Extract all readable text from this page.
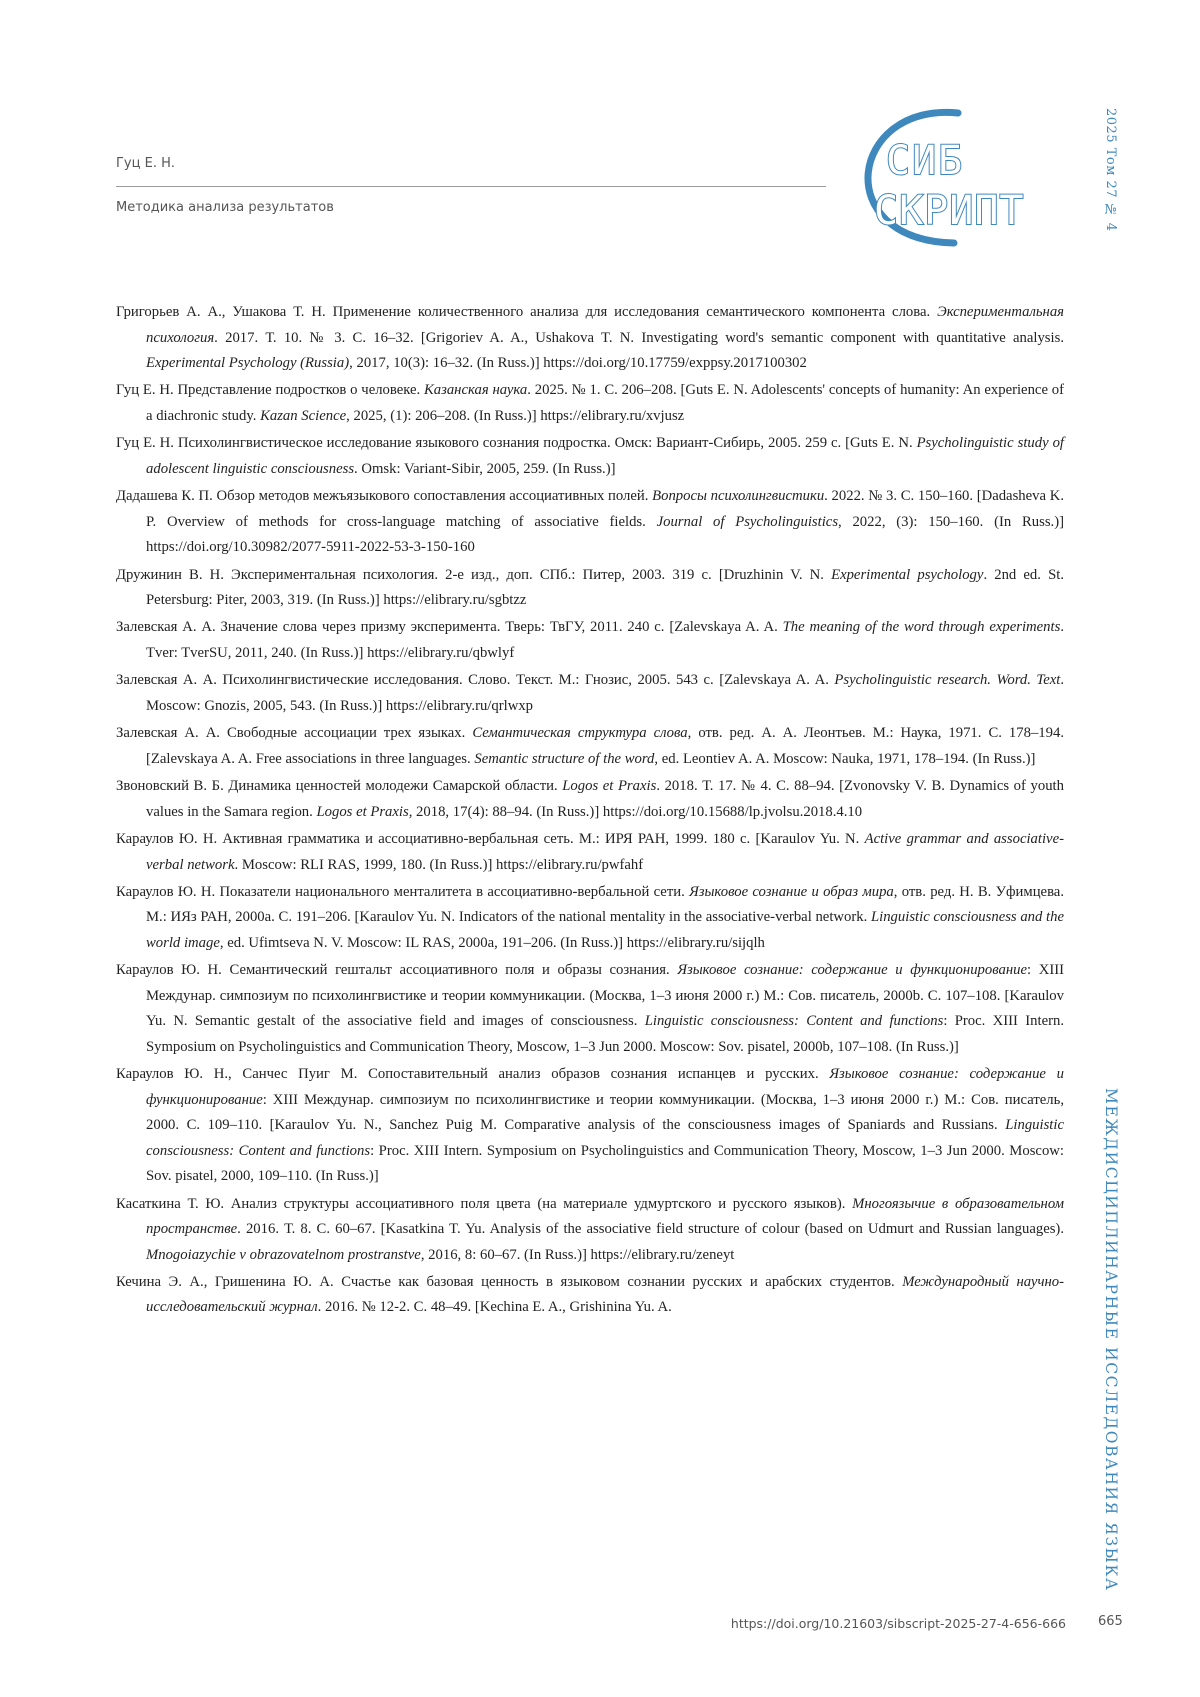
Гуц Е. Н.
Методика анализа результатов
СИБ
СКРИПТ	2025 Том 27 № 4
МЕЖДИСЦИПЛИНАРНЫЕ ИССЛЕДОВАНИЯ ЯЗЫКА
Григорьев А. А., Ушакова Т. Н. Применение количественного анализа для исследования семантического компонента слова. Экспериментальная психология. 2017. Т. 10. № 3. С. 16–32. [Grigoriev A. A., Ushakova T. N. Investigating word's semantic component with quantitative analysis. Experimental Psychology (Russia), 2017, 10(3): 16–32. (In Russ.)] https://doi.org/10.17759/exppsy.2017100302
Гуц Е. Н. Представление подростков о человеке. Казанская наука. 2025. № 1. С. 206–208. [Guts E. N. Adolescents' concepts of humanity: An experience of a diachronic study. Kazan Science, 2025, (1): 206–208. (In Russ.)] https://elibrary.ru/xvjusz
Гуц Е. Н. Психолингвистическое исследование языкового сознания подростка. Омск: Вариант-Сибирь, 2005. 259 с. [Guts E. N. Psycholinguistic study of adolescent linguistic consciousness. Omsk: Variant-Sibir, 2005, 259. (In Russ.)]
Дадашева К. П. Обзор методов межъязыкового сопоставления ассоциативных полей. Вопросы психолингвистики. 2022. № 3. С. 150–160. [Dadasheva K. P. Overview of methods for cross-language matching of associative fields. Journal of Psycholinguistics, 2022, (3): 150–160. (In Russ.)] https://doi.org/10.30982/2077-5911-2022-53-3-150-160
Дружинин В. Н. Экспериментальная психология. 2-е изд., доп. СПб.: Питер, 2003. 319 с. [Druzhinin V. N. Experimental psychology. 2nd ed. St. Petersburg: Piter, 2003, 319. (In Russ.)] https://elibrary.ru/sgbtzz
Залевская А. А. Значение слова через призму эксперимента. Тверь: ТвГУ, 2011. 240 с. [Zalevskaya A. A. The meaning of the word through experiments. Tver: TverSU, 2011, 240. (In Russ.)] https://elibrary.ru/qbwlyf
Залевская А. А. Психолингвистические исследования. Слово. Текст. М.: Гнозис, 2005. 543 с. [Zalevskaya A. A. Psycholinguistic research. Word. Text. Moscow: Gnozis, 2005, 543. (In Russ.)] https://elibrary.ru/qrlwxp
Залевская А. А. Свободные ассоциации трех языках. Семантическая структура слова, отв. ред. А. А. Леонтьев. М.: Наука, 1971. С. 178–194. [Zalevskaya A. A. Free associations in three languages. Semantic structure of the word, ed. Leontiev A. A. Moscow: Nauka, 1971, 178–194. (In Russ.)]
Звоновский В. Б. Динамика ценностей молодежи Самарской области. Logos et Praxis. 2018. Т. 17. № 4. С. 88–94. [Zvonovsky V. B. Dynamics of youth values in the Samara region. Logos et Praxis, 2018, 17(4): 88–94. (In Russ.)] https://doi.org/10.15688/lp.jvolsu.2018.4.10
Караулов Ю. Н. Активная грамматика и ассоциативно-вербальная сеть. М.: ИРЯ РАН, 1999. 180 с. [Karaulov Yu. N. Active grammar and associative-verbal network. Moscow: RLI RAS, 1999, 180. (In Russ.)] https://elibrary.ru/pwfahf
Караулов Ю. Н. Показатели национального менталитета в ассоциативно-вербальной сети. Языковое сознание и образ мира, отв. ред. Н. В. Уфимцева. М.: ИЯз РАН, 2000а. С. 191–206. [Karaulov Yu. N. Indicators of the national mentality in the associative-verbal network. Linguistic consciousness and the world image, ed. Ufimtseva N. V. Moscow: IL RAS, 2000a, 191–206. (In Russ.)] https://elibrary.ru/sijqlh
Караулов Ю. Н. Семантический гештальт ассоциативного поля и образы сознания. Языковое сознание: содержание и функционирование: XIII Междунар. симпозиум по психолингвистике и теории коммуникации. (Москва, 1–3 июня 2000 г.) М.: Сов. писатель, 2000b. С. 107–108. [Karaulov Yu. N. Semantic gestalt of the associative field and images of consciousness. Linguistic consciousness: Content and functions: Proc. XIII Intern. Symposium on Psycholinguistics and Communication Theory, Moscow, 1–3 Jun 2000. Moscow: Sov. pisatel, 2000b, 107–108. (In Russ.)]
Караулов Ю. Н., Санчес Пуиг М. Сопоставительный анализ образов сознания испанцев и русских. Языковое сознание: содержание и функционирование: XIII Междунар. симпозиум по психолингвистике и теории коммуникации. (Москва, 1–3 июня 2000 г.) М.: Сов. писатель, 2000. С. 109–110. [Karaulov Yu. N., Sanchez Puig M. Comparative analysis of the consciousness images of Spaniards and Russians. Linguistic consciousness: Content and functions: Proc. XIII Intern. Symposium on Psycholinguistics and Communication Theory, Moscow, 1–3 Jun 2000. Moscow: Sov. pisatel, 2000, 109–110. (In Russ.)]
Касаткина Т. Ю. Анализ структуры ассоциативного поля цвета (на материале удмуртского и русского языков). Многоязычие в образовательном пространстве. 2016. Т. 8. С. 60–67. [Kasatkina T. Yu. Analysis of the associative field structure of colour (based on Udmurt and Russian languages). Mnogoiazychie v obrazovatelnom prostranstve, 2016, 8: 60–67. (In Russ.)] https://elibrary.ru/zeneyt
Кечина Э. А., Гришенина Ю. А. Счастье как базовая ценность в языковом сознании русских и арабских студентов. Международный научно-исследовательский журнал. 2016. № 12-2. С. 48–49. [Kechina E. A., Grishinina Yu. A.
https://doi.org/10.21603/sibscript-2025-27-4-656-666 665
